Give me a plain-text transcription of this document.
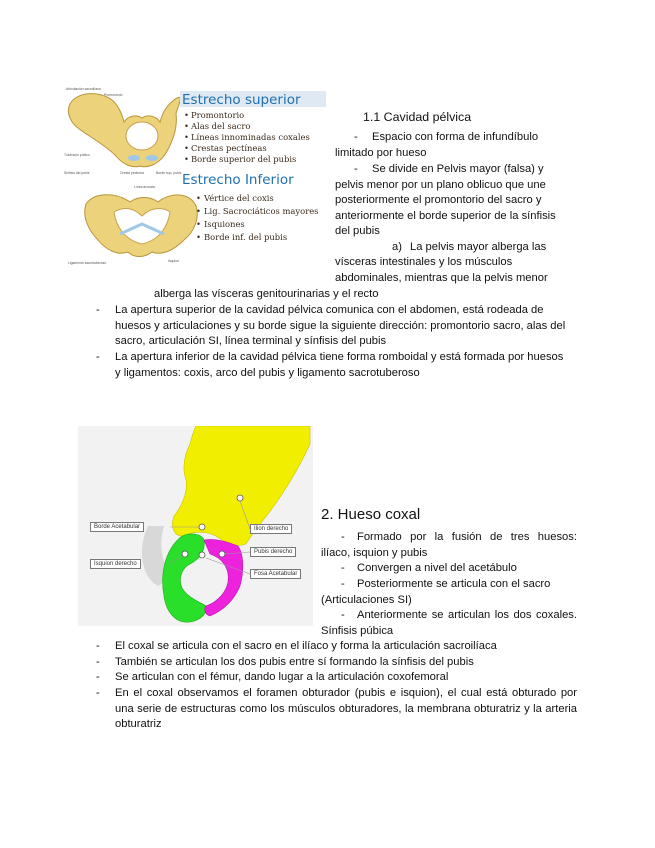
Articulación sacroilíaca
Promontorio
Tubérculo púbico
Sínfisis del pubis	Cresta pectínea	Borde sup. pubis
Línea arcuata
Ligamento sacrotuberoso	Isquion
Estrecho superior
• Promontorio
• Alas del sacro
• Líneas innominadas coxales
• Crestas pectíneas
• Borde superior del pubis
Estrecho Inferior
• Vértice del coxis
• Lig. Sacrociáticos mayores
• Isquiones
• Borde inf. del pubis
1.1 Cavidad pélvica
-	Espacio con forma de infundíbulo limitado por hueso
-	Se divide en Pelvis mayor (falsa) y pelvis menor por un plano oblicuo que une posteriormente el promontorio del sacro y anteriormente el borde superior de la sínfisis del pubis
a) La pelvis mayor alberga las
vísceras intestinales y los músculos
abdominales, mientras que la pelvis menor
alberga las vísceras genitourinarias y el recto
- La apertura superior de la cavidad pélvica comunica con el abdomen, está rodeada de huesos y articulaciones y su borde sigue la siguiente dirección: promontorio sacro, alas del sacro, articulación SI, línea terminal y sínfisis del pubis
- La apertura inferior de la cavidad pélvica tiene forma romboidal y está formada por huesos y ligamentos: coxis, arco del pubis y ligamento sacrotuberoso
Borde Acetabular	Ilion derecho
Pubis derecho
Isquion derecho
Fosa Acetabular
2. Hueso coxal
-	Formado por la fusión de tres huesos: ilíaco, isquion y pubis
- Convergen a nivel del acetábulo
-	Posteriormente se articula con el sacro (Articulaciones SI)
-	Anteriormente se articulan los dos coxales. Sínfisis púbica
- El coxal se articula con el sacro en el ilíaco y forma la articulación sacroilíaca
- También se articulan los dos pubis entre sí formando la sínfisis del pubis
- Se articulan con el fémur, dando lugar a la articulación coxofemoral
- En el coxal observamos el foramen obturador (pubis e isquion), el cual está obturado por una serie de estructuras como los músculos obturadores, la membrana obturatriz y la arteria obturatriz
